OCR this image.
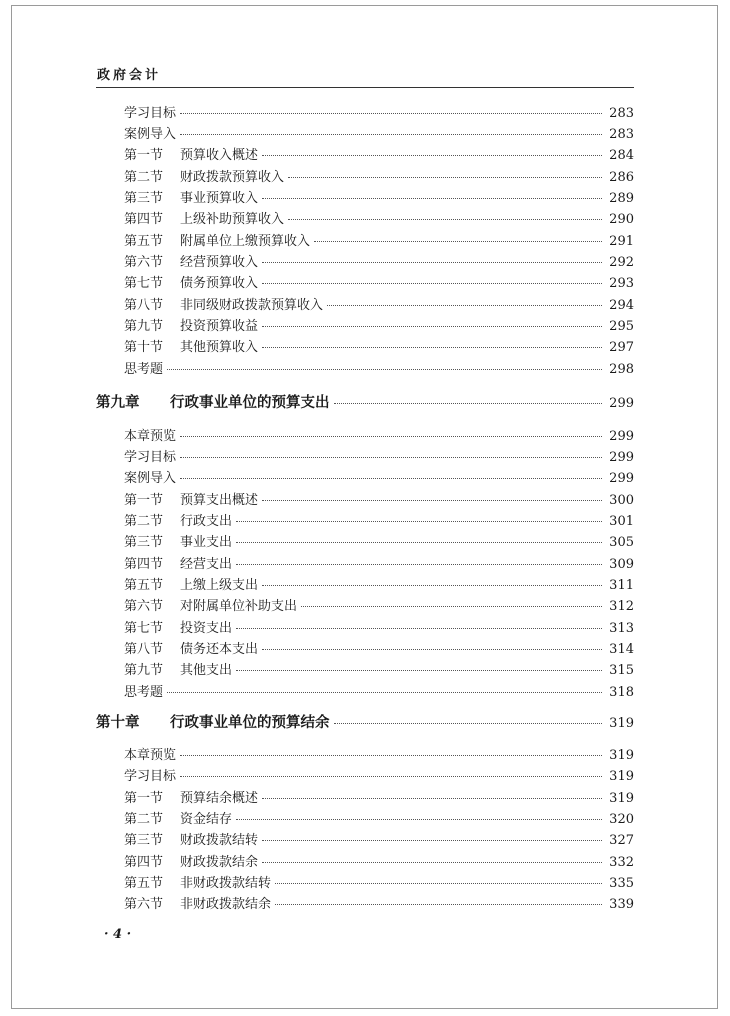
政府会计
学习目标	283
案例导入	283
第一节	预算收入概述	284
第二节	财政拨款预算收入	286
第三节	事业预算收入	289
第四节	上级补助预算收入	290
第五节	附属单位上缴预算收入	291
第六节	经营预算收入	292
第七节	债务预算收入	293
第八节	非同级财政拨款预算收入	294
第九节	投资预算收益	295
第十节	其他预算收入	297
思考题	298
第九章	行政事业单位的预算支出	299
本章预览	299
学习目标	299
案例导入	299
第一节	预算支出概述	300
第二节	行政支出	301
第三节	事业支出	305
第四节	经营支出	309
第五节	上缴上级支出	311
第六节	对附属单位补助支出	312
第七节	投资支出	313
第八节	债务还本支出	314
第九节	其他支出	315
思考题	318
第十章	行政事业单位的预算结余	319
本章预览	319
学习目标	319
第一节	预算结余概述	319
第二节	资金结存	320
第三节	财政拨款结转	327
第四节	财政拨款结余	332
第五节	非财政拨款结转	335
第六节	非财政拨款结余	339
· 4 ·
